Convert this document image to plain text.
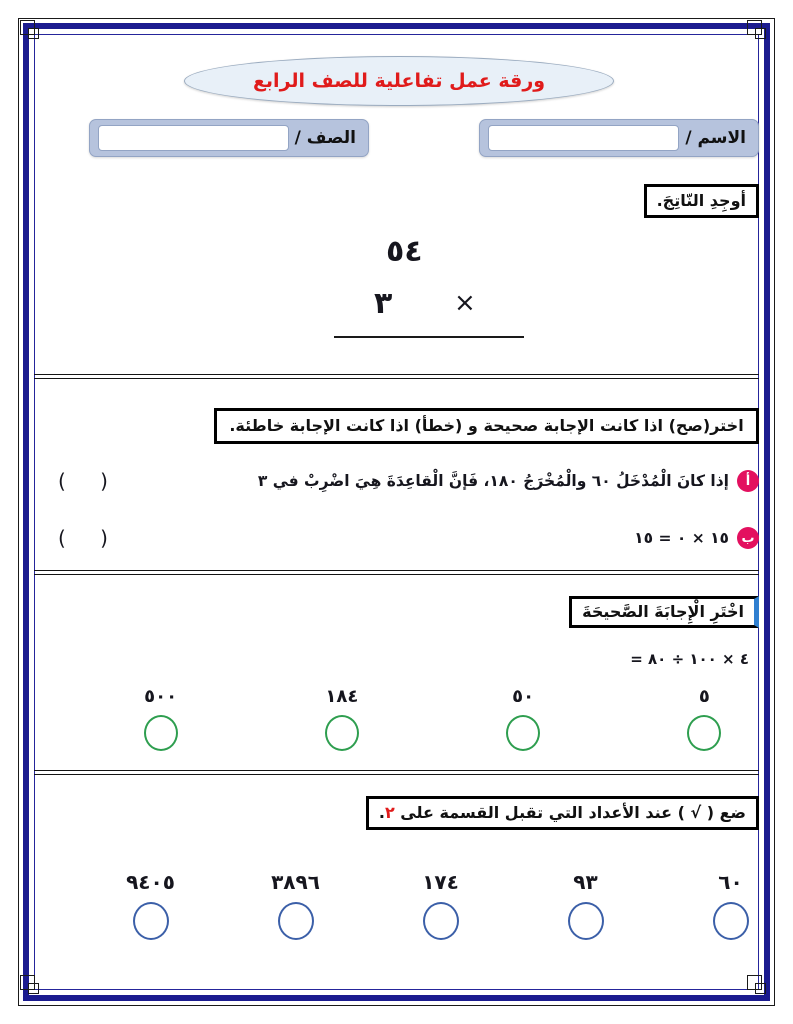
ورقة عمل تفاعلية للصف الرابع
الاسم /
الصف /
أوجِدِ النّاتِجَ.
٥٤
٣ ×
اختر(صح) اذا كانت الإجابة صحيحة و (خطأ) اذا كانت الإجابة خاطئة.
أ
إذا كانَ الْمُدْخَلُ ٦٠ والْمُخْرَجُ ١٨٠، فَإنَّ الْقاعِدَةَ هِيَ اضْرِبْ في ٣
( )
ب
١٥ × ٠ = ١٥
( )
اخْتَرِ الْإِجابَةَ الصَّحيحَةَ
٤ × ١٠٠ ÷ ٨٠ =
٥٠٠	١٨٤	٥٠	٥
ضع ( √ ) عند الأعداد التي تقبل القسمة على ٢.
٩٤٠٥	٣٨٩٦	١٧٤	٩٣	٦٠
